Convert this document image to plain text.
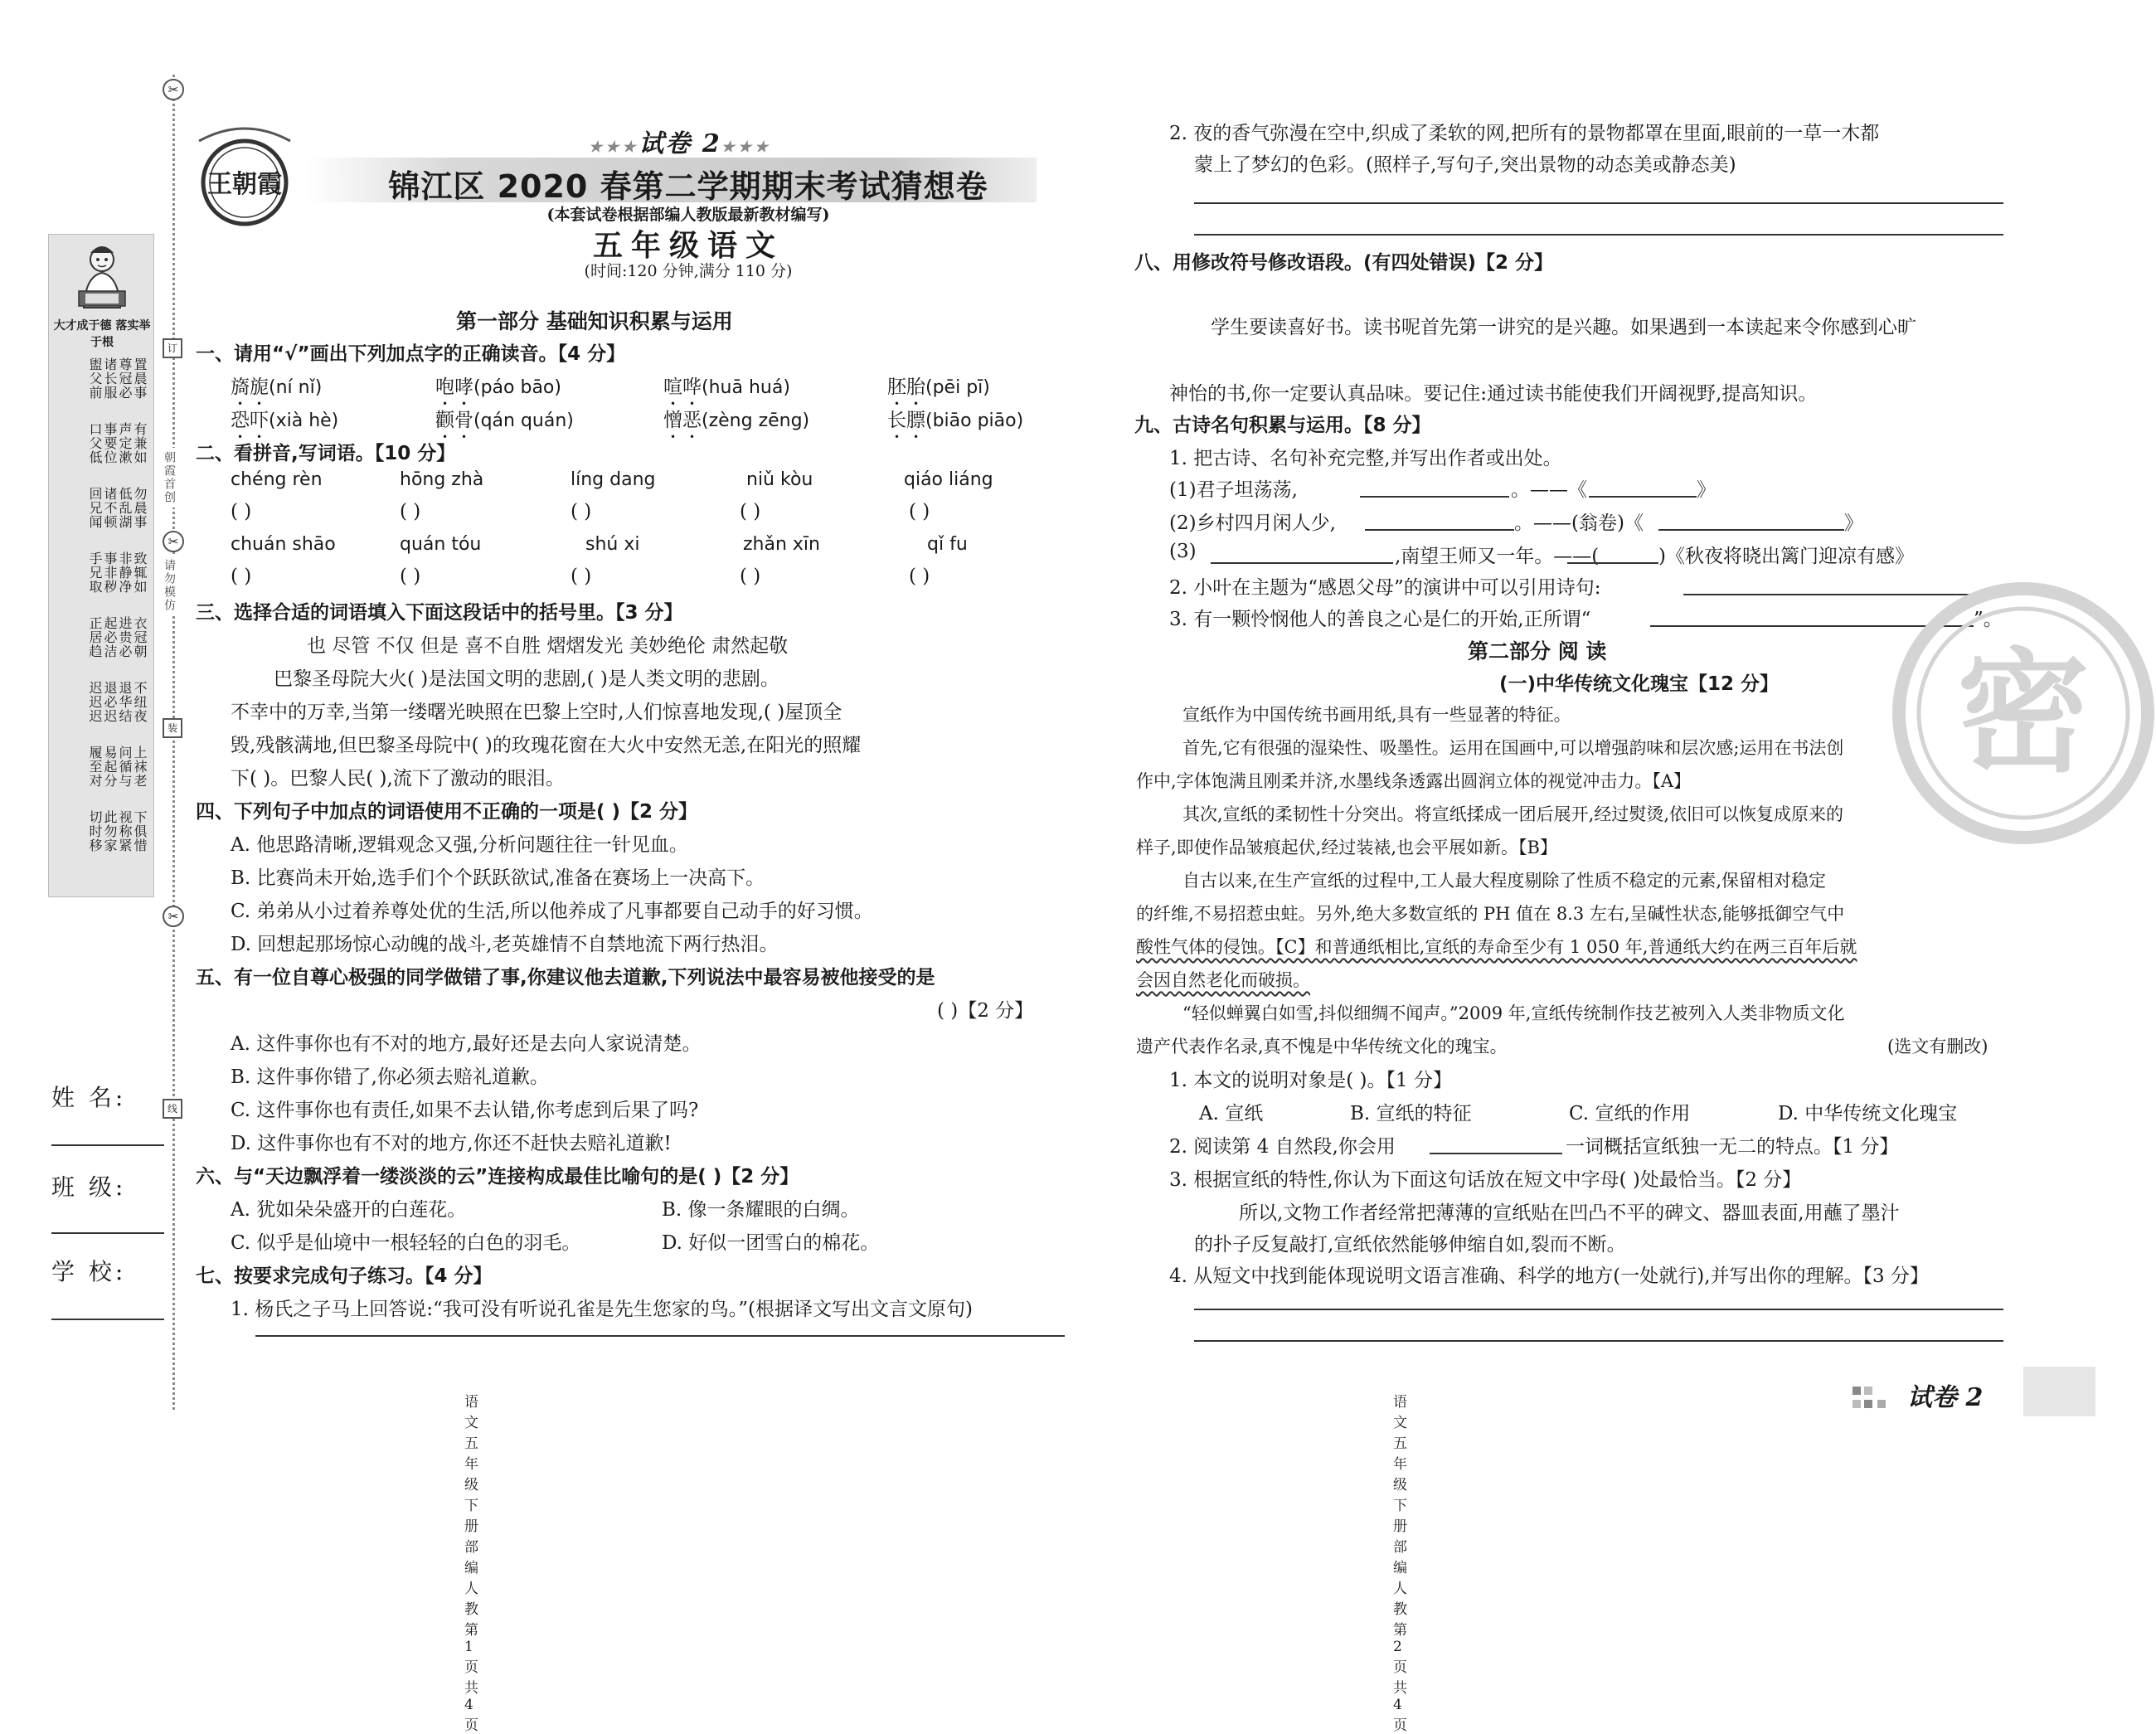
✂
订
朝霞首创
✂
请勿模仿
装
✂
线
大才成于德 落实举于根
置晨事尊冠必诸长服盥父前
有兼如声定漱事要位口父低
勿晨事低乱湖诸不顿回兄闻
致辄如非静净事非秽手兄取
衣冠朝进贵必起必洁正居趋
不纽夜退华结退必迟迟迟迟
上袜老问循与易起分履至对
下俱惜视称紧此勿家切时移
姓 名:
班 级:
学 校:
王朝霞
★★★试卷 2★★★
锦江区 2020 春第二学期期末考试猜想卷
(本套试卷根据部编人教版最新教材编写)
五年级语文
(时间:120 分钟,满分 110 分)
第一部分 基础知识积累与运用
一、请用“√”画出下列加点字的正确读音。【4 分】
旖旎(ní nǐ)	咆哮(páo bāo)	喧哗(huā huá)	胚胎(pēi pī)
恐吓(xià hè)	颧骨(qán quán)	憎恶(zèng zēng)	长膘(biāo piāo)
二、看拼音,写词语。【10 分】
chéng rèn	hōng zhà	líng dang	niǔ kòu	qiáo liáng
( )	( )	( )	( )	( )
chuán shāo	quán tóu	shú xi	zhǎn xīn	qǐ fu
( )	( )	( )	( )	( )
三、选择合适的词语填入下面这段话中的括号里。【3 分】
也 尽管 不仅 但是 喜不自胜 熠熠发光 美妙绝伦 肃然起敬
巴黎圣母院大火( )是法国文明的悲剧,( )是人类文明的悲剧。
不幸中的万幸,当第一缕曙光映照在巴黎上空时,人们惊喜地发现,( )屋顶全
毁,残骸满地,但巴黎圣母院中( )的玫瑰花窗在大火中安然无恙,在阳光的照耀
下( )。巴黎人民( ),流下了激动的眼泪。
四、下列句子中加点的词语使用不正确的一项是( )【2 分】
A. 他思路清晰,逻辑观念又强,分析问题往往一针见血。
B. 比赛尚未开始,选手们个个跃跃欲试,准备在赛场上一决高下。
C. 弟弟从小过着养尊处优的生活,所以他养成了凡事都要自己动手的好习惯。
D. 回想起那场惊心动魄的战斗,老英雄情不自禁地流下两行热泪。
五、有一位自尊心极强的同学做错了事,你建议他去道歉,下列说法中最容易被他接受的是
( )【2 分】
A. 这件事你也有不对的地方,最好还是去向人家说清楚。
B. 这件事你错了,你必须去赔礼道歉。
C. 这件事你也有责任,如果不去认错,你考虑到后果了吗?
D. 这件事你也有不对的地方,你还不赶快去赔礼道歉!
六、与“天边飘浮着一缕淡淡的云”连接构成最佳比喻句的是( )【2 分】
A. 犹如朵朵盛开的白莲花。	B. 像一条耀眼的白绸。
C. 似乎是仙境中一根轻轻的白色的羽毛。	D. 好似一团雪白的棉花。
七、按要求完成句子练习。【4 分】
1. 杨氏之子马上回答说:“我可没有听说孔雀是先生您家的鸟。”(根据译文写出文言文原句)
语文 五年级 下册 部编人教 第 1 页 共 4 页
2. 夜的香气弥漫在空中,织成了柔软的网,把所有的景物都罩在里面,眼前的一草一木都
蒙上了梦幻的色彩。(照样子,写句子,突出景物的动态美或静态美)
八、用修改符号修改语段。(有四处错误)【2 分】
学生要读喜好书。读书呢首先第一讲究的是兴趣。如果遇到一本读起来令你感到心旷
神怡的书,你一定要认真品味。要记住:通过读书能使我们开阔视野,提高知识。
九、古诗名句积累与运用。【8 分】
1. 把古诗、名句补充完整,并写出作者或出处。
(1)君子坦荡荡,	。——《	》
(2)乡村四月闲人少,	。——(翁卷)《	》
(3)	,南望王师又一年。——(	)《秋夜将晓出篱门迎凉有感》
2. 小叶在主题为“感恩父母”的演讲中可以引用诗句:	。
3. 有一颗怜悯他人的善良之心是仁的开始,正所谓“	”。
第二部分 阅 读
(一)中华传统文化瑰宝【12 分】
宣纸作为中国传统书画用纸,具有一些显著的特征。
首先,它有很强的湿染性、吸墨性。运用在国画中,可以增强韵味和层次感;运用在书法创
作中,字体饱满且刚柔并济,水墨线条透露出圆润立体的视觉冲击力。【A】
其次,宣纸的柔韧性十分突出。将宣纸揉成一团后展开,经过熨烫,依旧可以恢复成原来的
样子,即使作品皱痕起伏,经过装裱,也会平展如新。【B】
自古以来,在生产宣纸的过程中,工人最大程度剔除了性质不稳定的元素,保留相对稳定
的纤维,不易招惹虫蛀。另外,绝大多数宣纸的 PH 值在 8.3 左右,呈碱性状态,能够抵御空气中
酸性气体的侵蚀。【C】和普通纸相比,宣纸的寿命至少有 1 050 年,普通纸大约在两三百年后就
会因自然老化而破损。
“轻似蝉翼白如雪,抖似细绸不闻声。”2009 年,宣纸传统制作技艺被列入人类非物质文化
遗产代表作名录,真不愧是中华传统文化的瑰宝。	(选文有删改)
1. 本文的说明对象是( )。【1 分】
A. 宣纸	B. 宣纸的特征	C. 宣纸的作用	D. 中华传统文化瑰宝
2. 阅读第 4 自然段,你会用	一词概括宣纸独一无二的特点。【1 分】
3. 根据宣纸的特性,你认为下面这句话放在短文中字母( )处最恰当。【2 分】
所以,文物工作者经常把薄薄的宣纸贴在凹凸不平的碑文、器皿表面,用蘸了墨汁
的扑子反复敲打,宣纸依然能够伸缩自如,裂而不断。
4. 从短文中找到能体现说明文语言准确、科学的地方(一处就行),并写出你的理解。【3 分】
语文 五年级 下册 部编人教 第 2 页 共 4 页
密
试卷 2
